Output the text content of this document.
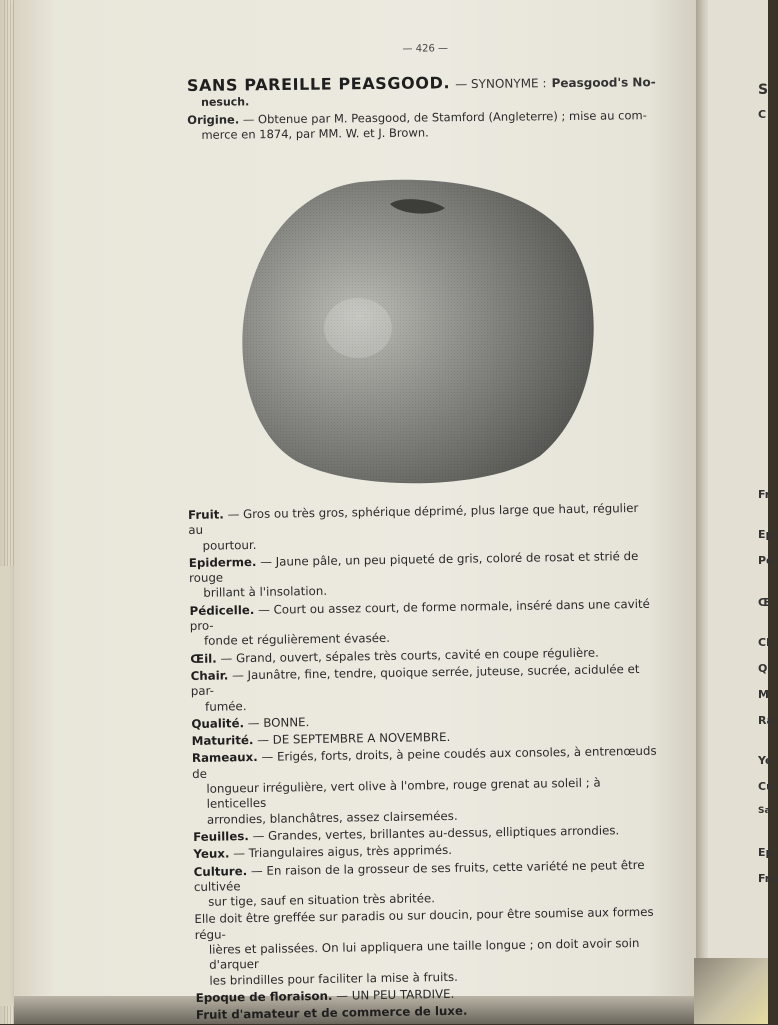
S
C
Fr
Ep
Pé
Œ
Cl
Q
M
Ra
Ye
Cu
Sa
Ep
Fru
— 426 —
SANS PAREILLE PEASGOOD. — SYNONYME : Peasgood's No-
nesuch.
Origine. — Obtenue par M. Peasgood, de Stamford (Angleterre) ; mise au com-
merce en 1874, par MM. W. et J. Brown.
Fruit. — Gros ou très gros, sphérique déprimé, plus large que haut, régulier au
pourtour.
Epiderme. — Jaune pâle, un peu piqueté de gris, coloré de rosat et strié de rouge
brillant à l'insolation.
Pédicelle. — Court ou assez court, de forme normale, inséré dans une cavité pro-
fonde et régulièrement évasée.
Œil. — Grand, ouvert, sépales très courts, cavité en coupe régulière.
Chair. — Jaunâtre, fine, tendre, quoique serrée, juteuse, sucrée, acidulée et par-
fumée.
Qualité. — BONNE.
Maturité. — DE SEPTEMBRE A NOVEMBRE.
Rameaux. — Erigés, forts, droits, à peine coudés aux consoles, à entrenœuds de
longueur irrégulière, vert olive à l'ombre, rouge grenat au soleil ; à lenticelles
arrondies, blanchâtres, assez clairsemées.
Feuilles. — Grandes, vertes, brillantes au-dessus, elliptiques arrondies.
Yeux. — Triangulaires aigus, très apprimés.
Culture. — En raison de la grosseur de ses fruits, cette variété ne peut être cultivée
sur tige, sauf en situation très abritée.
Elle doit être greffée sur paradis ou sur doucin, pour être soumise aux formes régu-
lières et palissées. On lui appliquera une taille longue ; on doit avoir soin d'arquer
les brindilles pour faciliter la mise à fruits.
Epoque de floraison. — UN PEU TARDIVE.
Fruit d'amateur et de commerce de luxe.
